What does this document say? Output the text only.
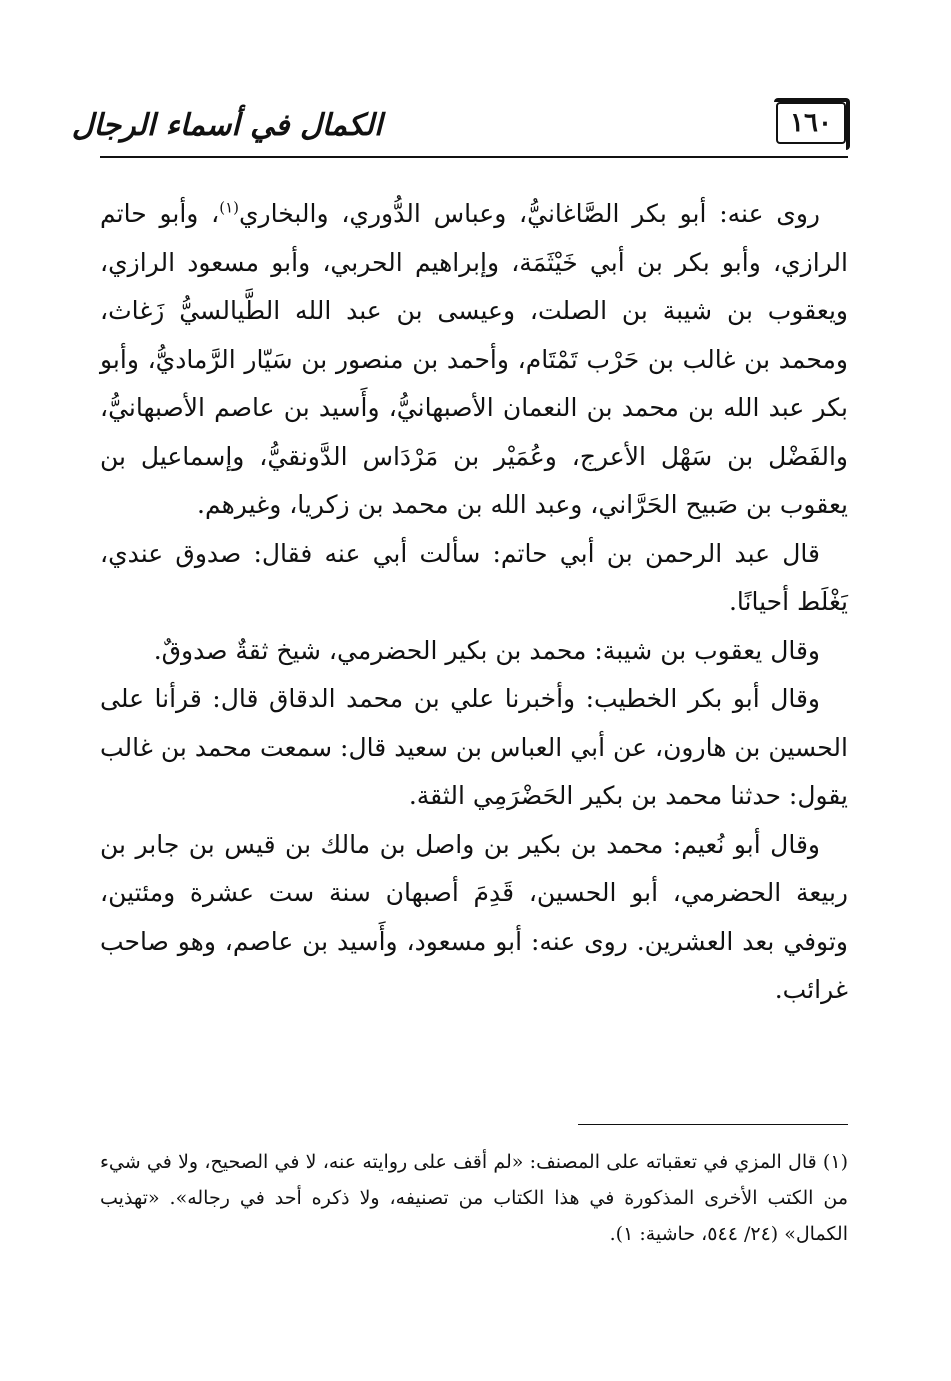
١٦٠
الكمال في أسماء الرجال

روى عنه: أبو بكر الصَّاغانيُّ، وعباس الدُّوري، والبخاري$^{(١)}$، وأبو حاتم الرازي، وأبو بكر بن أبي خَيْثَمَة، وإبراهيم الحربي، وأبو مسعود الرازي، ويعقوب بن شيبة بن الصلت، وعيسى بن عبد الله الطَّيالسيُّ زَغاث، ومحمد بن غالب بن حَرْب تَمْتَام، وأحمد بن منصور بن سَيّار الرَّماديُّ، وأبو بكر عبد الله بن محمد بن النعمان الأصبهانيُّ، وأَسيد بن عاصم الأصبهانيُّ، والفَضْل بن سَهْل الأعرج، وعُمَيْر بن مَرْدَاس الدَّونقيُّ، وإسماعيل بن يعقوب بن صَبيح الحَرَّاني، وعبد الله بن محمد بن زكريا، وغيرهم.

قال عبد الرحمن بن أبي حاتم: سألت أبي عنه فقال: صدوق عندي، يَغْلَط أحيانًا.

وقال يعقوب بن شيبة: محمد بن بكير الحضرمي، شيخ ثقةٌ صدوقٌ.

وقال أبو بكر الخطيب: وأخبرنا علي بن محمد الدقاق قال: قرأنا على الحسين بن هارون، عن أبي العباس بن سعيد قال: سمعت محمد بن غالب يقول: حدثنا محمد بن بكير الحَضْرَمِي الثقة.

وقال أبو نُعيم: محمد بن بكير بن واصل بن مالك بن قيس بن جابر بن ربيعة الحضرمي، أبو الحسين، قَدِمَ أصبهان سنة ست عشرة ومئتين، وتوفي بعد العشرين. روى عنه: أبو مسعود، وأَسيد بن عاصم، وهو صاحب غرائب.

(١) قال المزي في تعقباته على المصنف: «لم أقف على روايته عنه، لا في الصحيح، ولا في شيء من الكتب الأخرى المذكورة في هذا الكتاب من تصنيفه، ولا ذكره أحد في رجاله». «تهذيب الكمال» (٢٤/ ٥٤٤، حاشية: ١).
